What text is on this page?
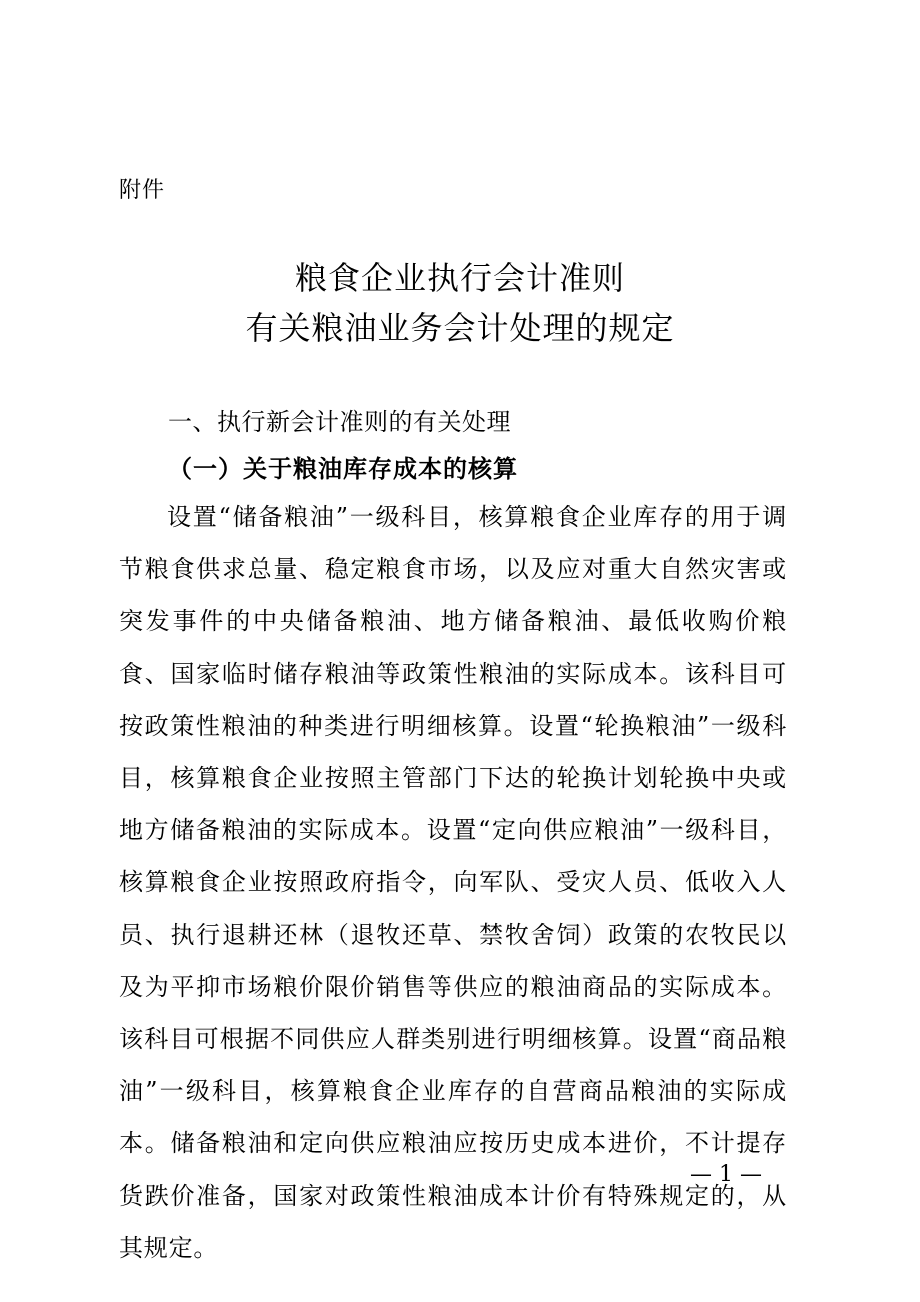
附件
粮食企业执行会计准则
有关粮油业务会计处理的规定
一、执行新会计准则的有关处理
（一）关于粮油库存成本的核算

设置“储备粮油”一级科目，核算粮食企业库存的用于调节粮食供求总量、稳定粮食市场，以及应对重大自然灾害或突发事件的中央储备粮油、地方储备粮油、最低收购价粮食、国家临时储存粮油等政策性粮油的实际成本。该科目可按政策性粮油的种类进行明细核算。设置“轮换粮油”一级科目，核算粮食企业按照主管部门下达的轮换计划轮换中央或地方储备粮油的实际成本。设置“定向供应粮油”一级科目，核算粮食企业按照政府指令，向军队、受灾人员、低收入人员、执行退耕还林（退牧还草、禁牧舍饲）政策的农牧民以及为平抑市场粮价限价销售等供应的粮油商品的实际成本。该科目可根据不同供应人群类别进行明细核算。设置“商品粮油”一级科目，核算粮食企业库存的自营商品粮油的实际成本。储备粮油和定向供应粮油应按历史成本进价，不计提存货跌价准备，国家对政策性粮油成本计价有特殊规定的，从其规定。

— 1 —
